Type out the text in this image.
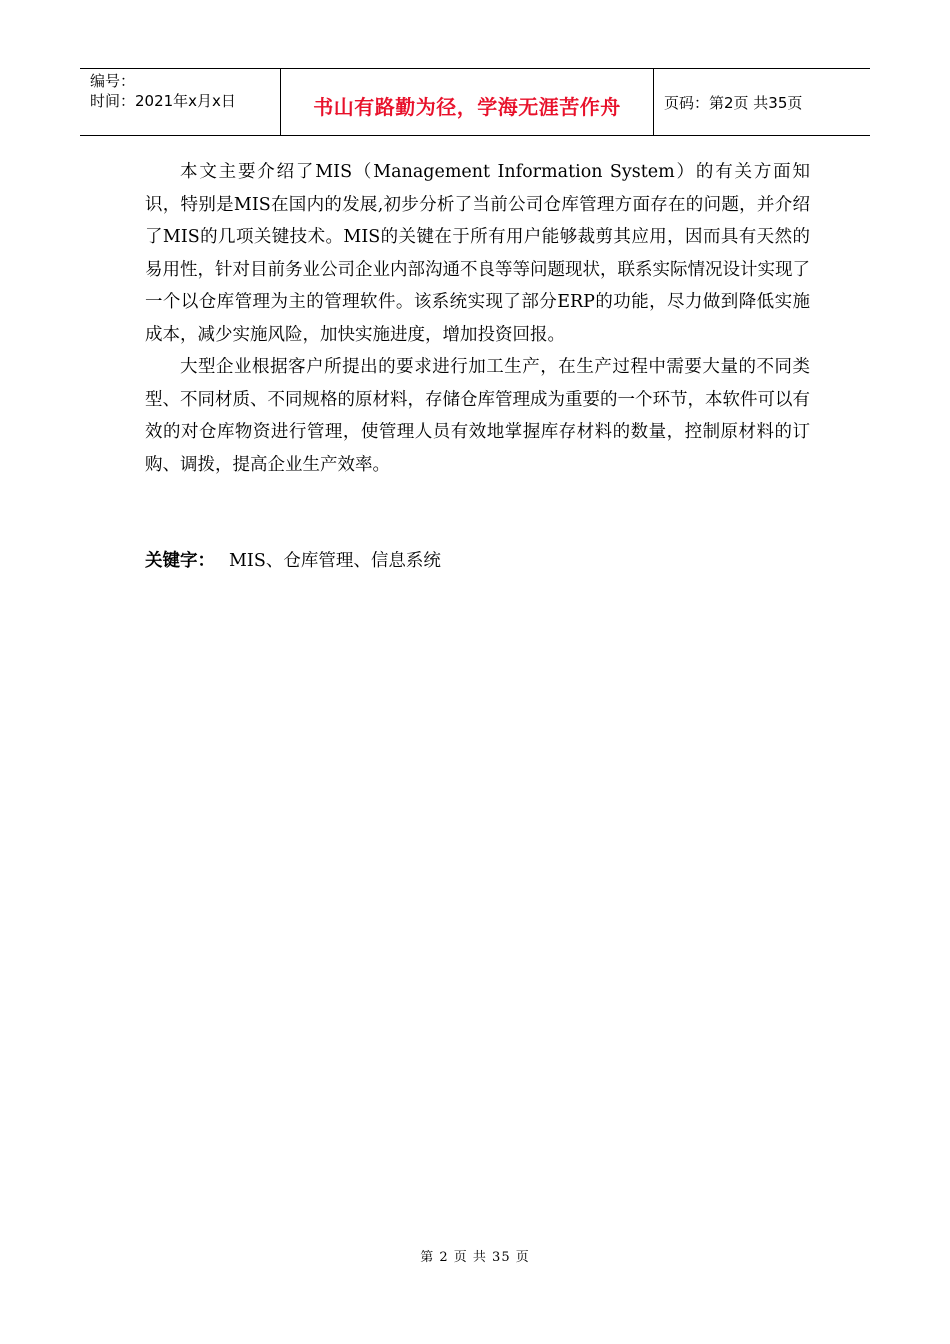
编号：
时间：2021年x月x日	书山有路勤为径，学海无涯苦作舟	页码：第2页 共35页

本文主要介绍了MIS（Management Information System）的有关方面知识，特别是MIS在国内的发展,初步分析了当前公司仓库管理方面存在的问题，并介绍了MIS的几项关键技术。MIS的关键在于所有用户能够裁剪其应用，因而具有天然的易用性，针对目前务业公司企业内部沟通不良等等问题现状，联系实际情况设计实现了一个以仓库管理为主的管理软件。该系统实现了部分ERP的功能，尽力做到降低实施成本，减少实施风险，加快实施进度，增加投资回报。

大型企业根据客户所提出的要求进行加工生产，在生产过程中需要大量的不同类型、不同材质、不同规格的原材料，存储仓库管理成为重要的一个环节，本软件可以有效的对仓库物资进行管理，使管理人员有效地掌握库存材料的数量，控制原材料的订购、调拨，提高企业生产效率。

关键字： MIS、仓库管理、信息系统
第 2 页 共 35 页
